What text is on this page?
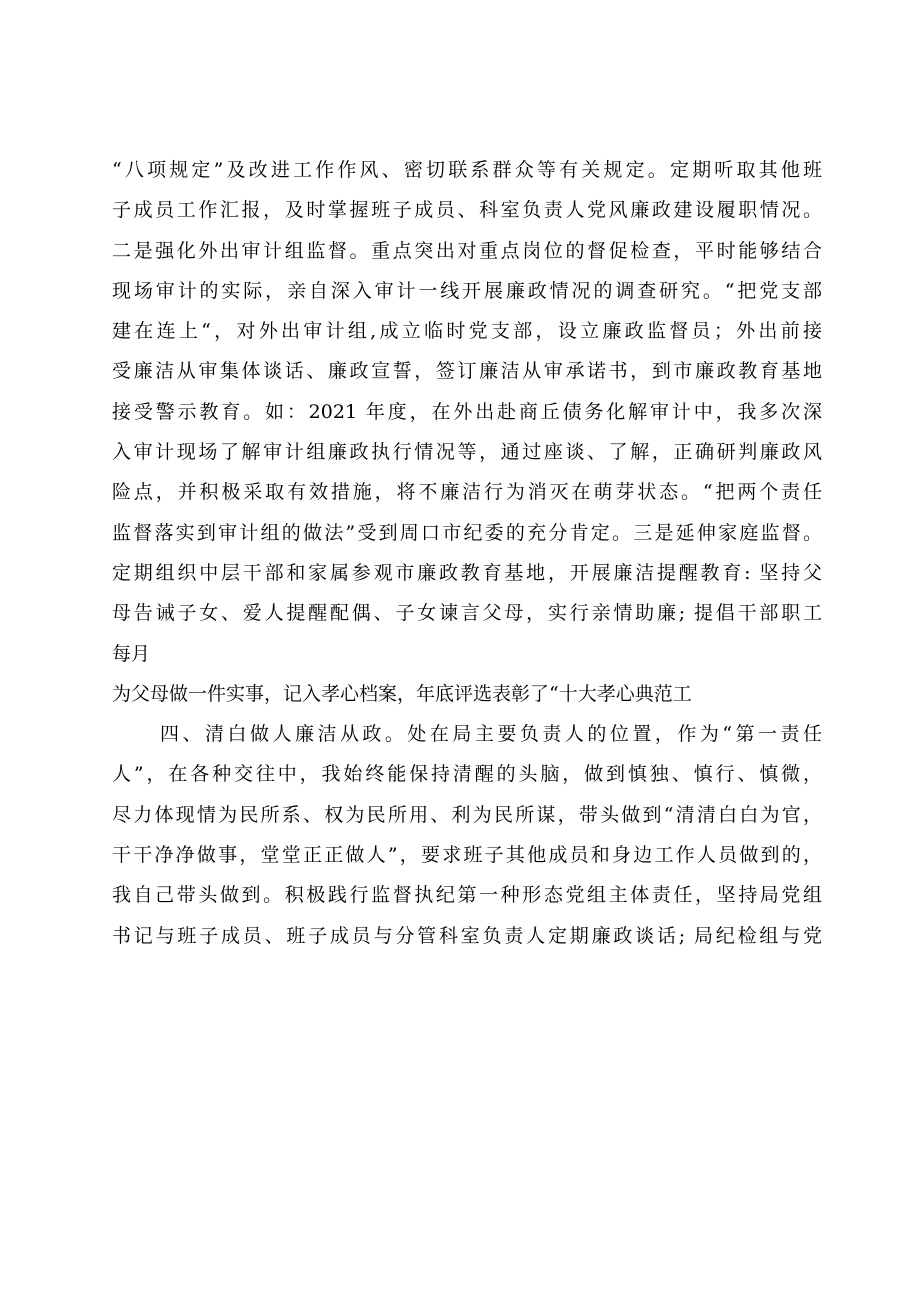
“八项规定”及改进工作作风、密切联系群众等有关规定。定期听取其他班
子成员工作汇报，及时掌握班子成员、科室负责人党风廉政建设履职情况。
二是强化外出审计组监督。重点突出对重点岗位的督促检查，平时能够结合
现场审计的实际，亲自深入审计一线开展廉政情况的调查研究。“把党支部
建在连上“，对外出审计组,成立临时党支部，设立廉政监督员；外出前接
受廉洁从审集体谈话、廉政宣誓，签订廉洁从审承诺书，到市廉政教育基地
接受警示教育。如：2021 年度，在外出赴商丘债务化解审计中，我多次深
入审计现场了解审计组廉政执行情况等，通过座谈、了解，正确研判廉政风
险点，并积极采取有效措施，将不廉洁行为消灭在萌芽状态。“把两个责任
监督落实到审计组的做法”受到周口市纪委的充分肯定。三是延伸家庭监督。
定期组织中层干部和家属参观市廉政教育基地，开展廉洁提醒教育: 坚持父
母告诫子女、爱人提醒配偶、子女谏言父母，实行亲情助廉; 提倡干部职工
每月
为父母做一件实事，记入孝心档案，年底评选表彰了“十大孝心典范工
四、清白做人廉洁从政。处在局主要负责人的位置，作为“第一责任
人”，在各种交往中，我始终能保持清醒的头脑，做到慎独、慎行、慎微，
尽力体现情为民所系、权为民所用、利为民所谋，带头做到“清清白白为官，
干干净净做事，堂堂正正做人”，要求班子其他成员和身边工作人员做到的，
我自己带头做到。积极践行监督执纪第一种形态党组主体责任，坚持局党组
书记与班子成员、班子成员与分管科室负责人定期廉政谈话; 局纪检组与党
